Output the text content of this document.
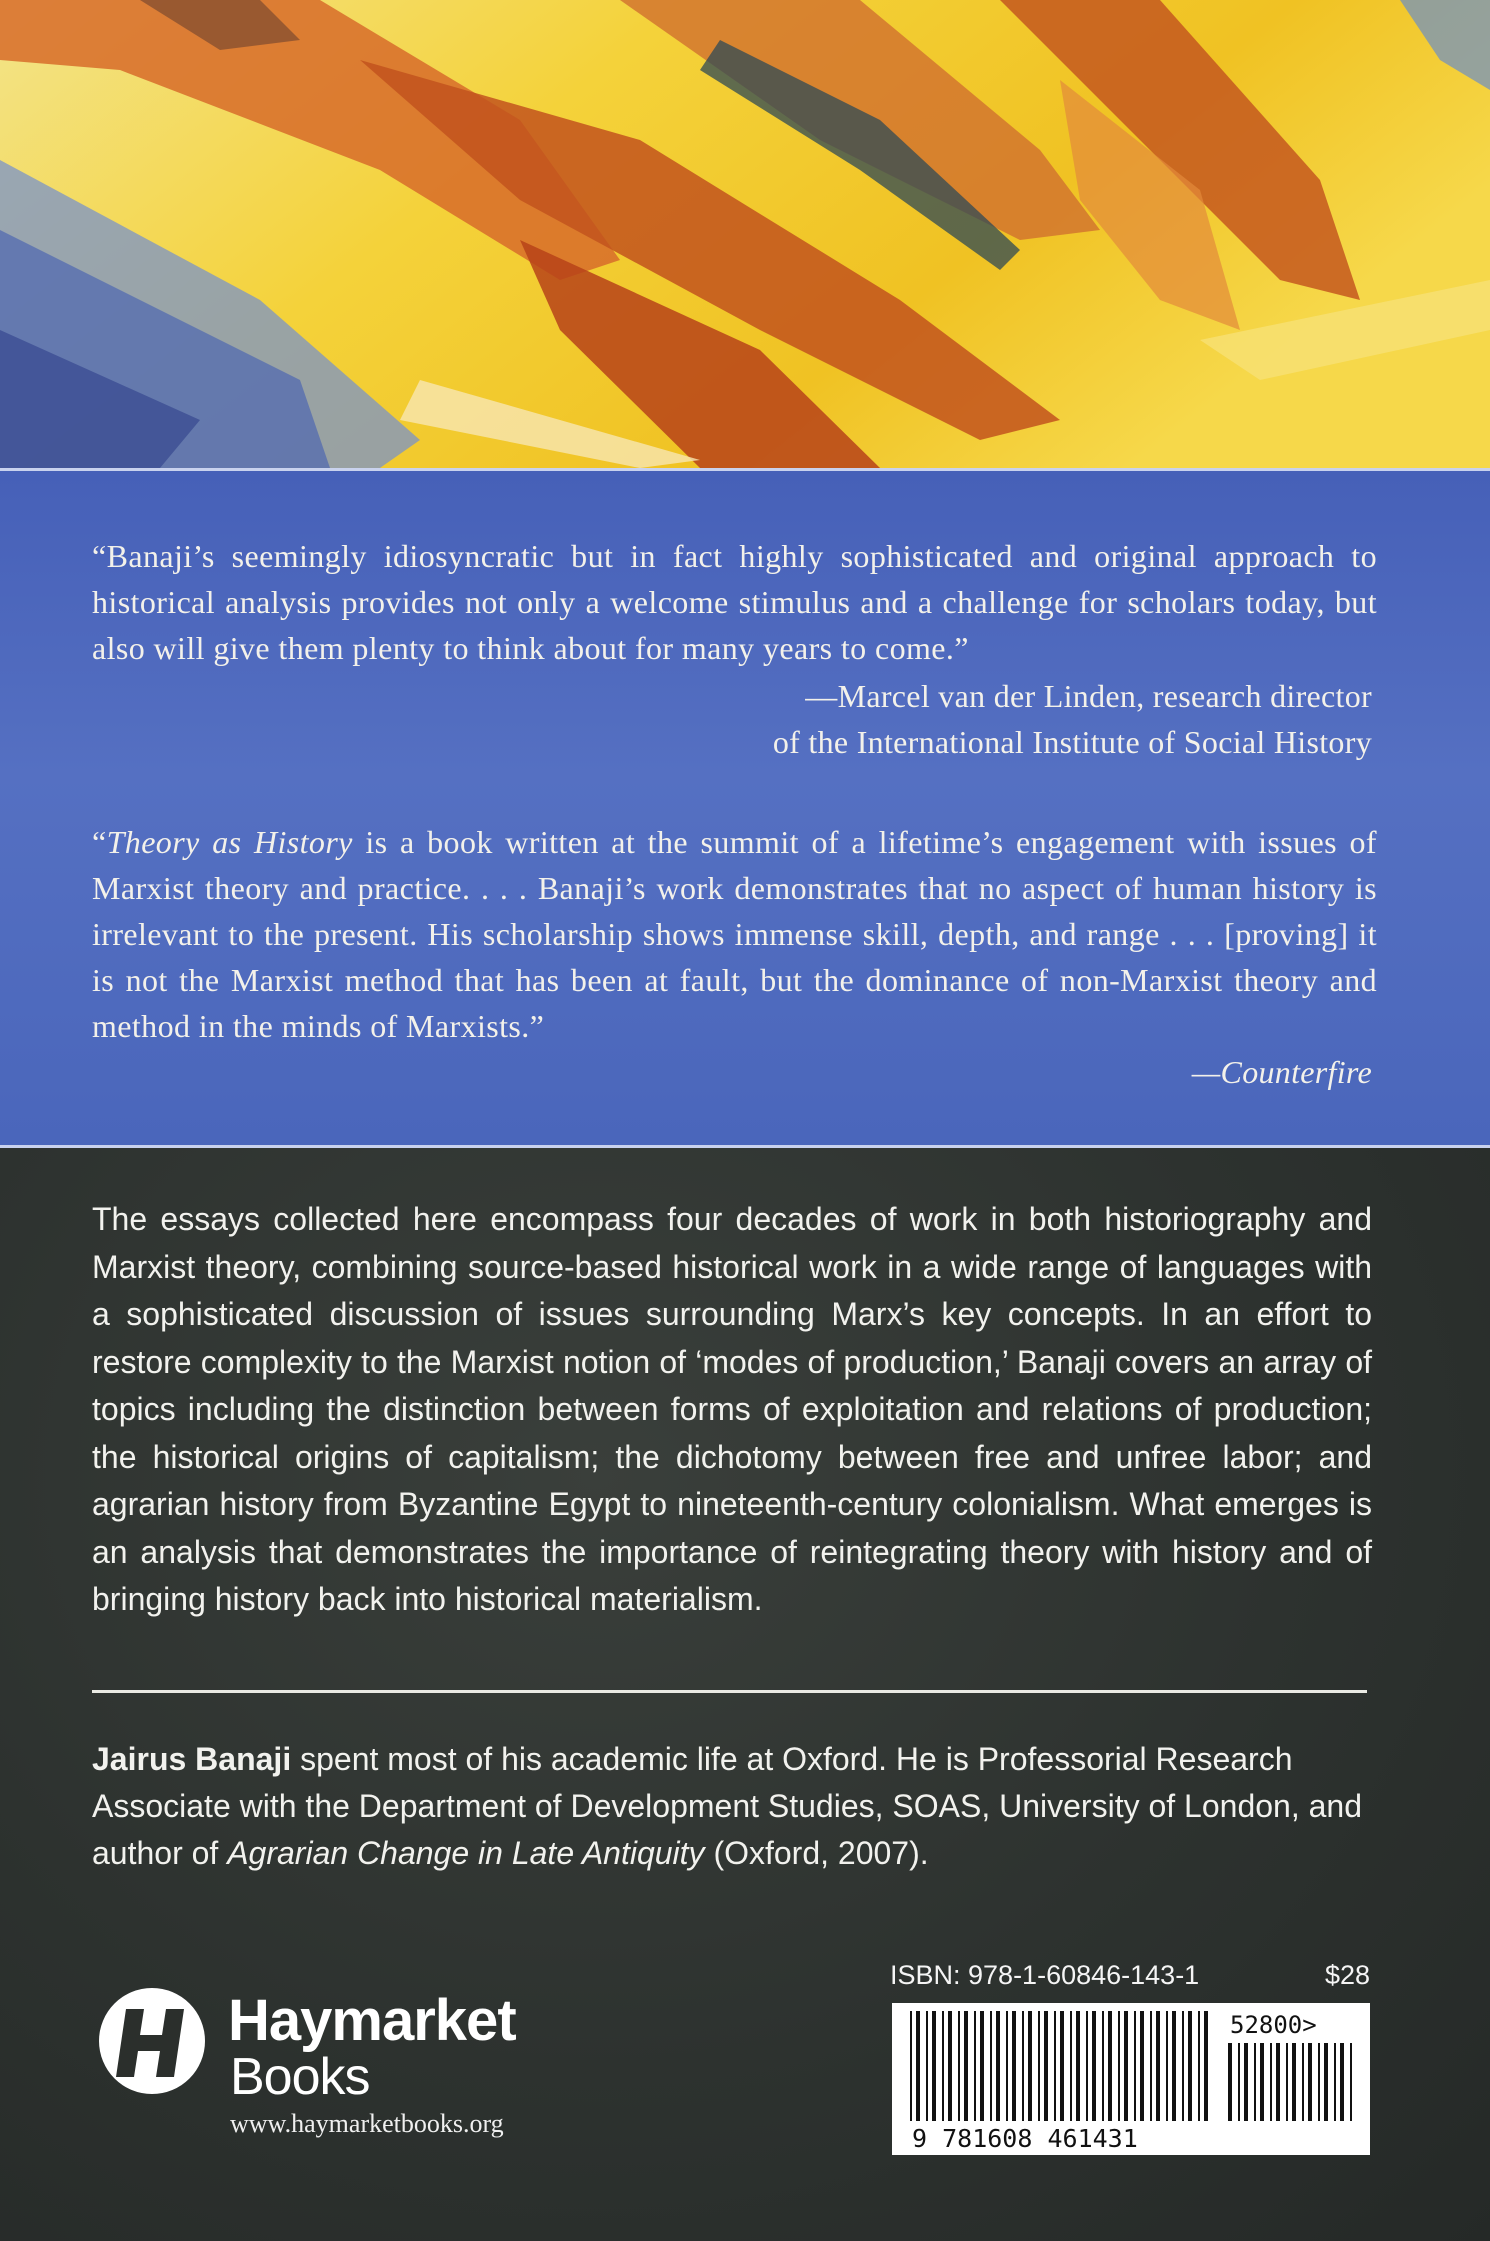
“Banaji’s seemingly idiosyncratic but in fact highly sophisticated and original approach to historical analysis provides not only a welcome stimulus and a challenge for scholars today, but also will give them plenty to think about for many years to come.”
—Marcel van der Linden, research director
of the International Institute of Social History
“Theory as History is a book written at the summit of a lifetime’s engagement with issues of Marxist theory and practice. . . . Banaji’s work demonstrates that no aspect of human history is irrelevant to the present. His scholarship shows immense skill, depth, and range . . . [proving] it is not the Marxist method that has been at fault, but the dominance of non-Marxist theory and method in the minds of Marxists.”
—Counterfire
The essays collected here encompass four decades of work in both historiography and Marxist theory, combining source-based historical work in a wide range of languages with a sophisticated discussion of issues surrounding Marx’s key concepts. In an effort to restore complexity to the Marxist notion of ‘modes of production,’ Banaji covers an array of topics including the distinction between forms of exploitation and relations of production; the historical origins of capitalism; the dichotomy between free and unfree labor; and agrarian history from Byzantine Egypt to nineteenth-century colonialism. What emerges is an analysis that demonstrates the importance of reintegrating theory with history and of bringing history back into historical materialism.
Jairus Banaji spent most of his academic life at Oxford. He is Professorial Research Associate with the Department of Development Studies, SOAS, University of London, and author of Agrarian Change in Late Antiquity (Oxford, 2007).
Haymarket
Books
www.haymarketbooks.org
ISBN: 978-1-60846-143-1	$28
9 781608 461431
52800>
